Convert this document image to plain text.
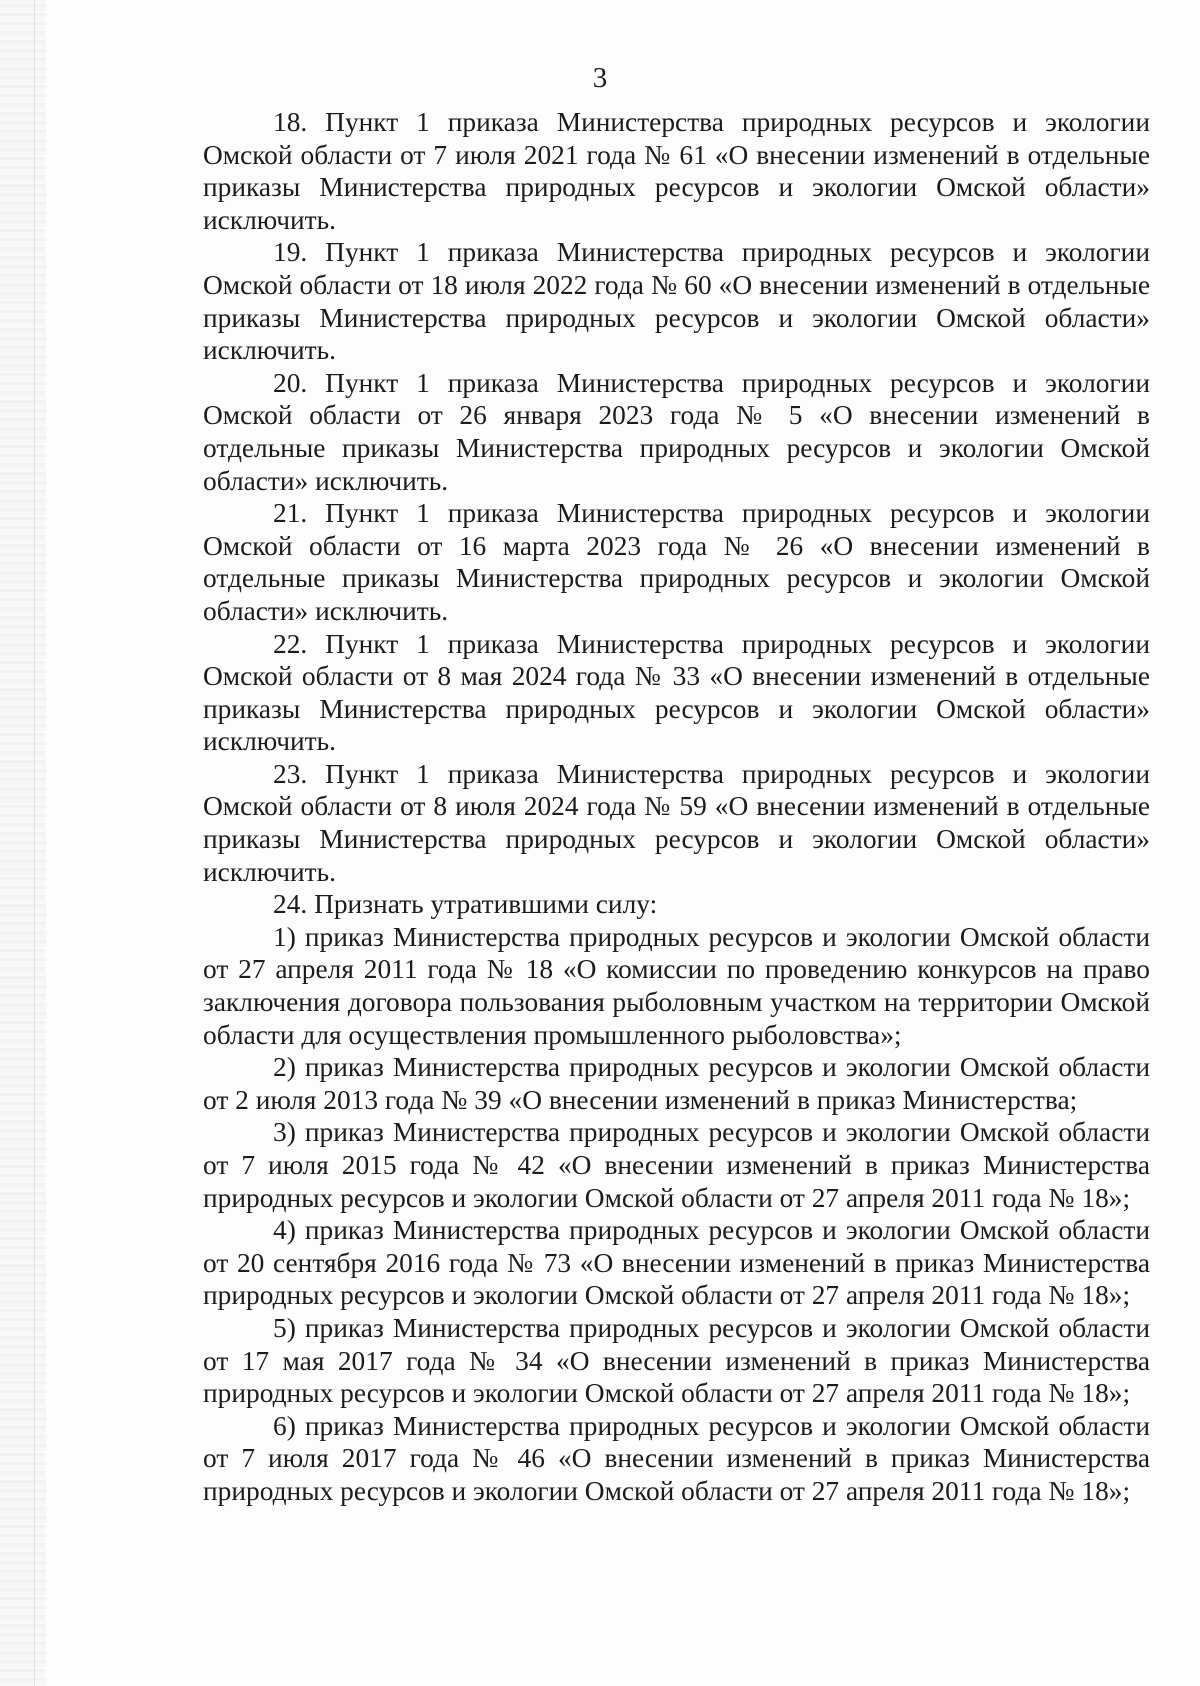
3

18. Пункт 1 приказа Министерства природных ресурсов и экологии Омской области от 7 июля 2021 года № 61 «О внесении изменений в отдельные приказы Министерства природных ресурсов и экологии Омской области» исключить.

19. Пункт 1 приказа Министерства природных ресурсов и экологии Омской области от 18 июля 2022 года № 60 «О внесении изменений в отдельные приказы Министерства природных ресурсов и экологии Омской области» исключить.

20. Пункт 1 приказа Министерства природных ресурсов и экологии Омской области от 26 января 2023 года № 5 «О внесении изменений в отдельные приказы Министерства природных ресурсов и экологии Омской области» исключить.

21. Пункт 1 приказа Министерства природных ресурсов и экологии Омской области от 16 марта 2023 года № 26 «О внесении изменений в отдельные приказы Министерства природных ресурсов и экологии Омской области» исключить.

22. Пункт 1 приказа Министерства природных ресурсов и экологии Омской области от 8 мая 2024 года № 33 «О внесении изменений в отдельные приказы Министерства природных ресурсов и экологии Омской области» исключить.

23. Пункт 1 приказа Министерства природных ресурсов и экологии Омской области от 8 июля 2024 года № 59 «О внесении изменений в отдельные приказы Министерства природных ресурсов и экологии Омской области» исключить.

24. Признать утратившими силу:

1) приказ Министерства природных ресурсов и экологии Омской области от 27 апреля 2011 года № 18 «О комиссии по проведению конкурсов на право заключения договора пользования рыболовным участком на территории Омской области для осуществления промышленного рыболовства»;

2) приказ Министерства природных ресурсов и экологии Омской области от 2 июля 2013 года № 39 «О внесении изменений в приказ Министерства;

3) приказ Министерства природных ресурсов и экологии Омской области от 7 июля 2015 года № 42 «О внесении изменений в приказ Министерства природных ресурсов и экологии Омской области от 27 апреля 2011 года № 18»;

4) приказ Министерства природных ресурсов и экологии Омской области от 20 сентября 2016 года № 73 «О внесении изменений в приказ Министерства природных ресурсов и экологии Омской области от 27 апреля 2011 года № 18»;

5) приказ Министерства природных ресурсов и экологии Омской области от 17 мая 2017 года № 34 «О внесении изменений в приказ Министерства природных ресурсов и экологии Омской области от 27 апреля 2011 года № 18»;

6) приказ Министерства природных ресурсов и экологии Омской области от 7 июля 2017 года № 46 «О внесении изменений в приказ Министерства природных ресурсов и экологии Омской области от 27 апреля 2011 года № 18»;
